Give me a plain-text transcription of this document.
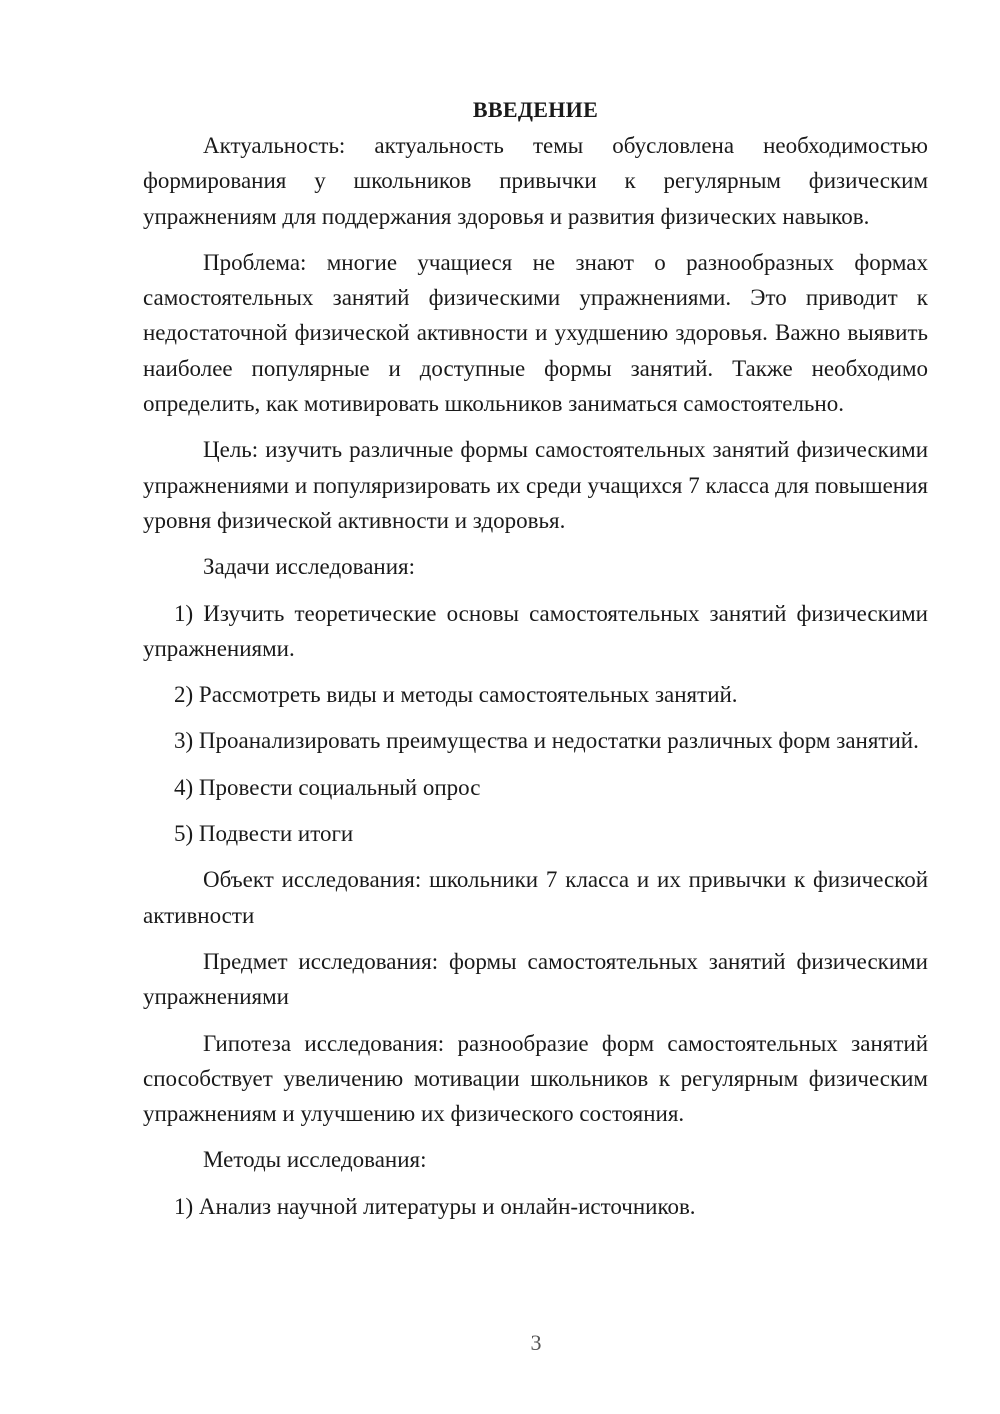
ВВЕДЕНИЕ

Актуальность: актуальность темы обусловлена необходимостью формирования у школьников привычки к регулярным физическим упражнениям для поддержания здоровья и развития физических навыков.

Проблема: многие учащиеся не знают о разнообразных формах самостоятельных занятий физическими упражнениями. Это приводит к недостаточной физической активности и ухудшению здоровья. Важно выявить наиболее популярные и доступные формы занятий. Также необходимо определить, как мотивировать школьников заниматься самостоятельно.

Цель: изучить различные формы самостоятельных занятий физическими упражнениями и популяризировать их среди учащихся 7 класса для повышения уровня физической активности и здоровья.

Задачи исследования:

1) Изучить теоретические основы самостоятельных занятий физическими упражнениями.

2) Рассмотреть виды и методы самостоятельных занятий.

3) Проанализировать преимущества и недостатки различных форм занятий.

4) Провести социальный опрос

5) Подвести итоги

Объект исследования: школьники 7 класса и их привычки к физической активности

Предмет исследования: формы самостоятельных занятий физическими упражнениями

Гипотеза исследования: разнообразие форм самостоятельных занятий способствует увеличению мотивации школьников к регулярным физическим упражнениям и улучшению их физического состояния.

Методы исследования:

1) Анализ научной литературы и онлайн-источников.

3
